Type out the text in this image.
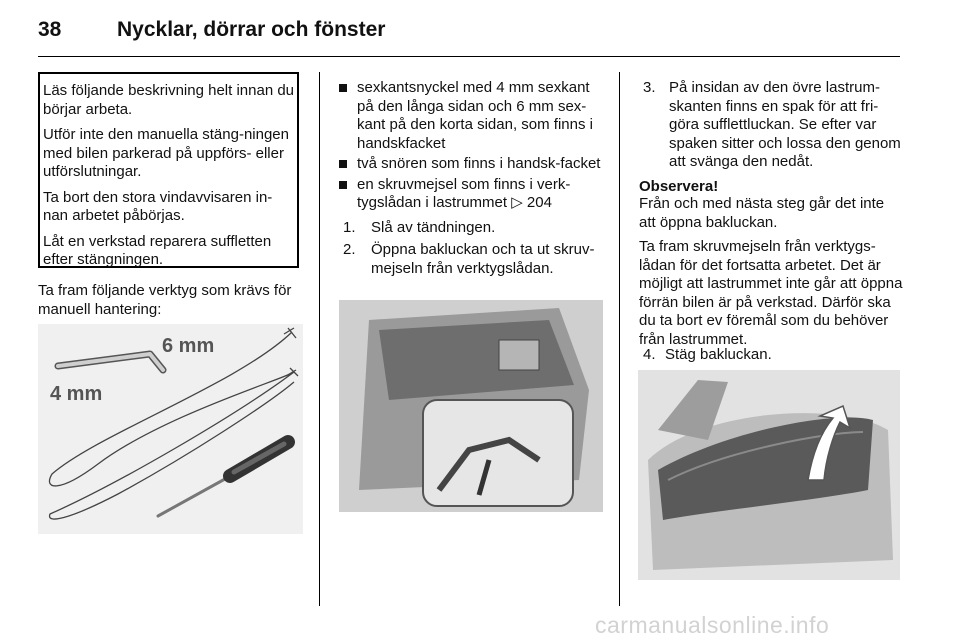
38	Nycklar, dörrar och fönster

Läs följande beskrivning helt innan du börjar arbeta.

Utför inte den manuella stäng-ningen med bilen parkerad på uppförs- eller utförslutningar.

Ta bort den stora vindavvisaren in-nan arbetet påbörjas.

Låt en verkstad reparera suffletten efter stängningen.

Ta fram följande verktyg som krävs för manuell hantering:
6 mm
4 mm
sexkantsnyckel med 4 mm sexkant på den långa sidan och 6 mm sex-kant på den korta sidan, som finns i handskfacket
två snören som finns i handsk-facket
en skruvmejsel som finns i verk-tygslådan i lastrummet ▷ 204
1. Slå av tändningen.
2. Öppna bakluckan och ta ut skruv-mejseln från verktygslådan.
3. På insidan av den övre lastrum-skanten finns en spak för att fri-göra sufflettluckan. Se efter var spaken sitter och lossa den genom att svänga den nedåt.
Observera!
Från och med nästa steg går det inte att öppna bakluckan.
Ta fram skruvmejseln från verktygs-lådan för det fortsatta arbetet. Det är möjligt att lastrummet inte går att öppna förrän bilen är på verkstad. Därför ska du ta bort ev föremål som du behöver från lastrummet.
4. Stäg bakluckan.
carmanualsonline.info
